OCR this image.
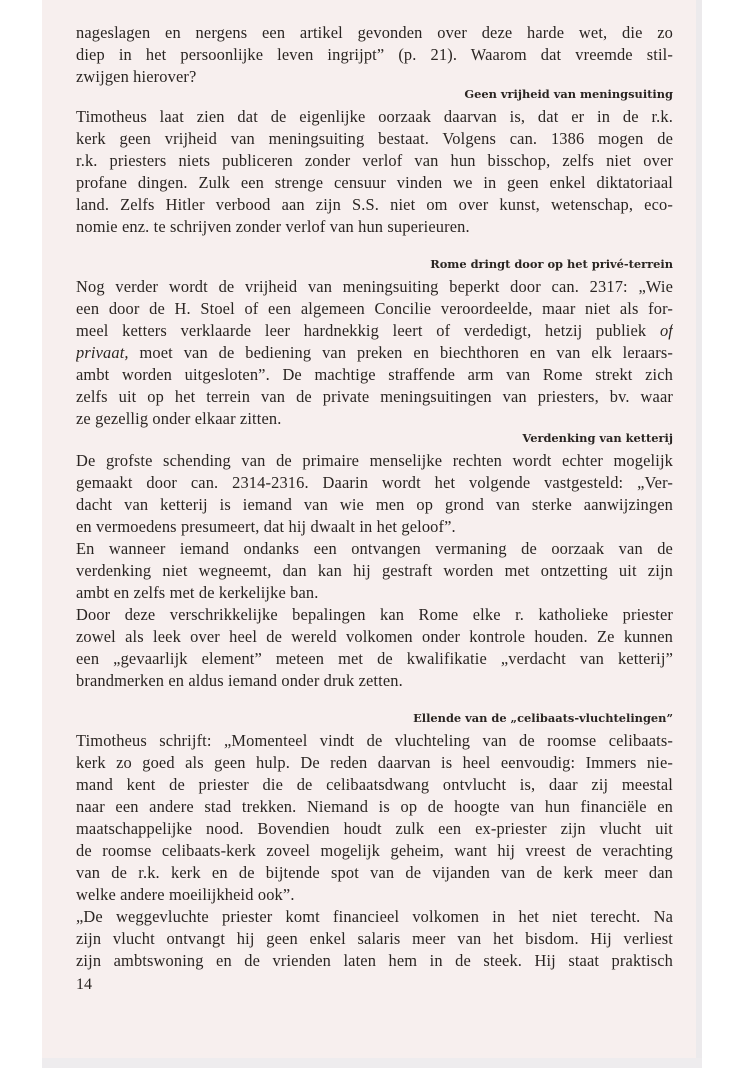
nageslagen en nergens een artikel gevonden over deze harde wet, die zo
diep in het persoonlijke leven ingrijpt” (p. 21). Waarom dat vreemde stil-
zwijgen hierover?
Geen vrijheid van meningsuiting
Timotheus laat zien dat de eigenlijke oorzaak daarvan is, dat er in de r.k.
kerk geen vrijheid van meningsuiting bestaat. Volgens can. 1386 mogen de
r.k. priesters niets publiceren zonder verlof van hun bisschop, zelfs niet over
profane dingen. Zulk een strenge censuur vinden we in geen enkel diktatoriaal
land. Zelfs Hitler verbood aan zijn S.S. niet om over kunst, wetenschap, eco-
nomie enz. te schrijven zonder verlof van hun superieuren.
Rome dringt door op het privé-terrein
Nog verder wordt de vrijheid van meningsuiting beperkt door can. 2317: „Wie
een door de H. Stoel of een algemeen Concilie veroordeelde, maar niet als for-
meel ketters verklaarde leer hardnekkig leert of verdedigt, hetzij publiek of
privaat, moet van de bediening van preken en biechthoren en van elk leraars-
ambt worden uitgesloten”. De machtige straffende arm van Rome strekt zich
zelfs uit op het terrein van de private meningsuitingen van priesters, bv. waar
ze gezellig onder elkaar zitten.
Verdenking van ketterij
De grofste schending van de primaire menselijke rechten wordt echter mogelijk
gemaakt door can. 2314-2316. Daarin wordt het volgende vastgesteld: „Ver-
dacht van ketterij is iemand van wie men op grond van sterke aanwijzingen
en vermoedens presumeert, dat hij dwaalt in het geloof”.
En wanneer iemand ondanks een ontvangen vermaning de oorzaak van de
verdenking niet wegneemt, dan kan hij gestraft worden met ontzetting uit zijn
ambt en zelfs met de kerkelijke ban.
Door deze verschrikkelijke bepalingen kan Rome elke r. katholieke priester
zowel als leek over heel de wereld volkomen onder kontrole houden. Ze kunnen
een „gevaarlijk element” meteen met de kwalifikatie „verdacht van ketterij”
brandmerken en aldus iemand onder druk zetten.
Ellende van de „celibaats-vluchtelingen”
Timotheus schrijft: „Momenteel vindt de vluchteling van de roomse celibaats-
kerk zo goed als geen hulp. De reden daarvan is heel eenvoudig: Immers nie-
mand kent de priester die de celibaatsdwang ontvlucht is, daar zij meestal
naar een andere stad trekken. Niemand is op de hoogte van hun financiële en
maatschappelijke nood. Bovendien houdt zulk een ex-priester zijn vlucht uit
de roomse celibaats-kerk zoveel mogelijk geheim, want hij vreest de verachting
van de r.k. kerk en de bijtende spot van de vijanden van de kerk meer dan
welke andere moeilijkheid ook”.
„De weggevluchte priester komt financieel volkomen in het niet terecht. Na
zijn vlucht ontvangt hij geen enkel salaris meer van het bisdom. Hij verliest
zijn ambtswoning en de vrienden laten hem in de steek. Hij staat praktisch
14
